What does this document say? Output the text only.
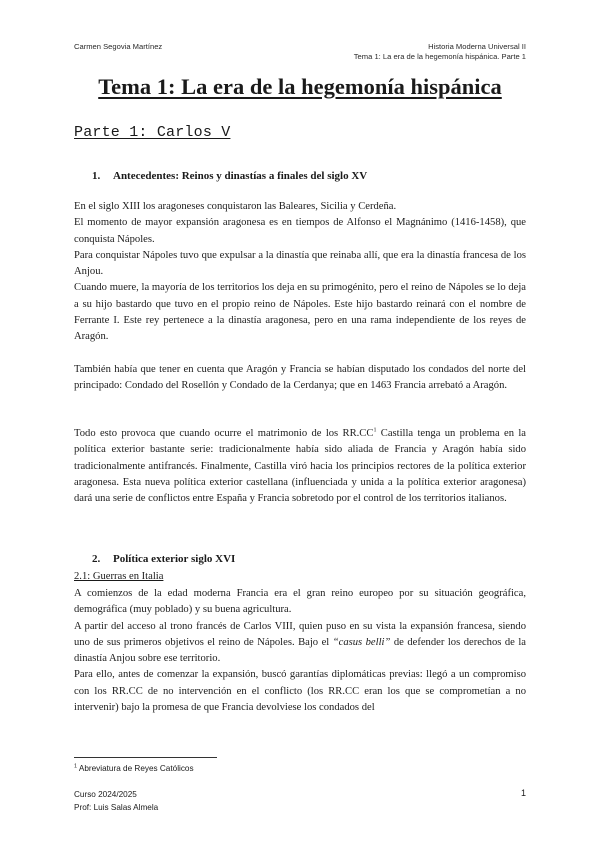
Carmen Segovia Martínez	Historia Moderna Universal II
Tema 1: La era de la hegemonía hispánica. Parte 1
Tema 1: La era de la hegemonía hispánica
Parte 1: Carlos V
1. Antecedentes: Reinos y dinastías a finales del siglo XV

En el siglo XIII los aragoneses conquistaron las Baleares, Sicilia y Cerdeña.

El momento de mayor expansión aragonesa es en tiempos de Alfonso el Magnánimo (1416-1458), que conquista Nápoles.

Para conquistar Nápoles tuvo que expulsar a la dinastía que reinaba allí, que era la dinastía francesa de los Anjou.

Cuando muere, la mayoría de los territorios los deja en su primogénito, pero el reino de Nápoles se lo deja a su hijo bastardo que tuvo en el propio reino de Nápoles. Este hijo bastardo reinará con el nombre de Ferrante I. Este rey pertenece a la dinastía aragonesa, pero en una rama independiente de los reyes de Aragón.

También había que tener en cuenta que Aragón y Francia se habían disputado los condados del norte del principado: Condado del Rosellón y Condado de la Cerdanya; que en 1463 Francia arrebató a Aragón.

Todo esto provoca que cuando ocurre el matrimonio de los $RR.CC^1$ Castilla tenga un problema en la política exterior bastante serie: tradicionalmente había sido aliada de Francia y Aragón había sido tradicionalmente antifrancés. Finalmente, Castilla viró hacia los principios rectores de la política exterior aragonesa. Esta nueva política exterior castellana (influenciada y unida a la política exterior aragonesa) dará una serie de conflictos entre España y Francia sobretodo por el control de los territorios italianos.

2. Política exterior siglo XVI
2.1: Guerras en Italia

A comienzos de la edad moderna Francia era el gran reino europeo por su situación geográfica, demográfica (muy poblado) y su buena agricultura.

A partir del acceso al trono francés de Carlos VIII, quien puso en su vista la expansión francesa, siendo uno de sus primeros objetivos el reino de Nápoles. Bajo el “casus belli” de defender los derechos de la dinastía Anjou sobre ese territorio.

Para ello, antes de comenzar la expansión, buscó garantías diplomáticas previas: llegó a un compromiso con los RR.CC de no intervención en el conflicto (los RR.CC eran los que se comprometían a no intervenir) bajo la promesa de que Francia devolviese los condados del

$^1$ Abreviatura de Reyes Católicos
Curso 2024/2025
Prof: Luis Salas Almela
1
